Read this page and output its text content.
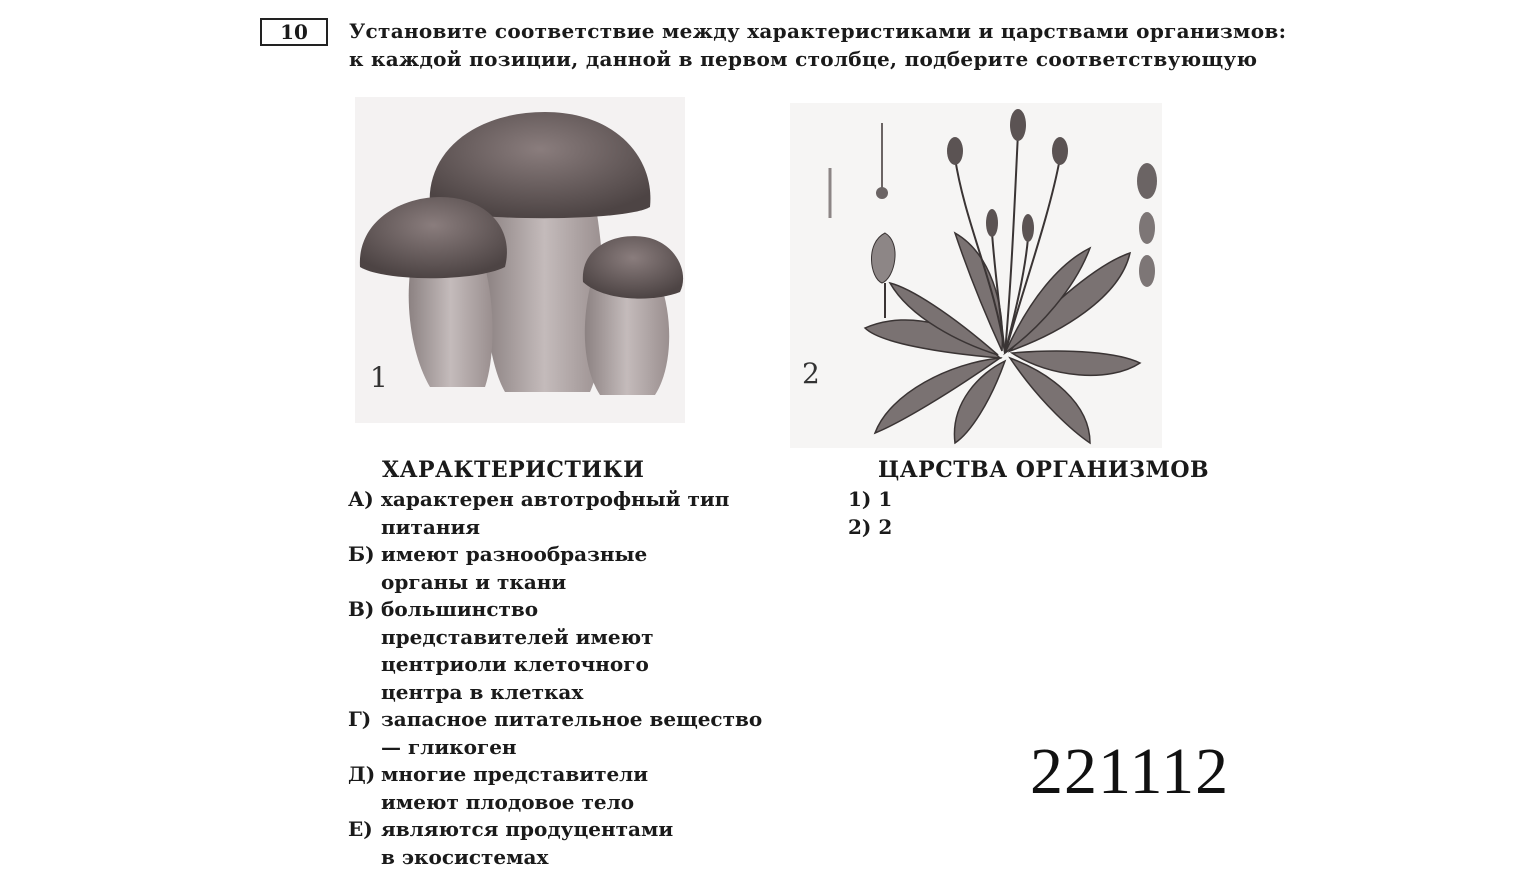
10	Установите соответствие между характеристиками и царствами организмов:
к каждой позиции, данной в первом столбце, подберите соответствующую
1	2
ХАРАКТЕРИСТИКИ	ЦАРСТВА ОРГАНИЗМОВ
А) характерен автотрофный тип питания
Б) имеют разнообразные органы и ткани
В) большинство представителей имеют центриоли клеточного центра в клетках
Г) запасное питательное вещество — гликоген
Д) многие представители имеют плодовое тело
Е) являются продуцентами в экосистемах
1) 1
2) 2
221112
